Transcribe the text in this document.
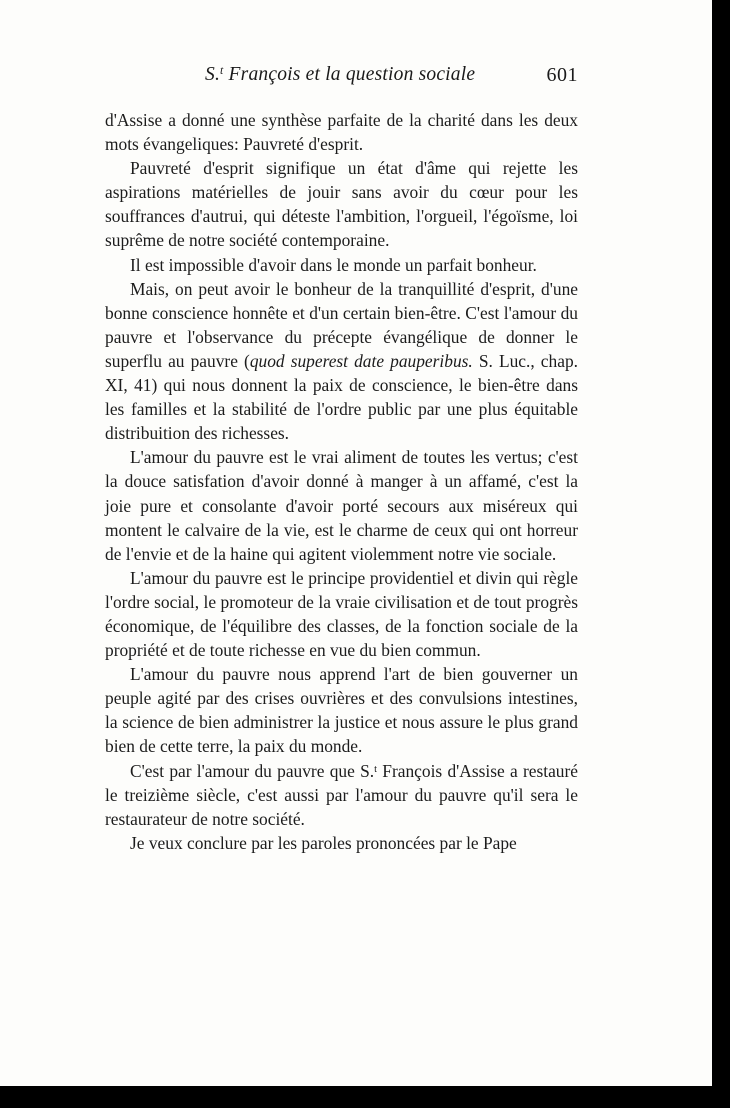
S.$^t$ François et la question sociale	601

d'Assise a donné une synthèse parfaite de la charité dans les deux mots évangeliques: Pauvreté d'esprit.

Pauvreté d'esprit signifique un état d'âme qui rejette les aspirations matérielles de jouir sans avoir du cœur pour les souffrances d'autrui, qui déteste l'ambition, l'orgueil, l'égoïsme, loi suprême de notre société contemporaine.

Il est impossible d'avoir dans le monde un parfait bonheur.

Mais, on peut avoir le bonheur de la tranquillité d'esprit, d'une bonne conscience honnête et d'un certain bien-être. C'est l'amour du pauvre et l'observance du précepte évangélique de donner le superflu au pauvre (quod superest date pauperibus. S. Luc., chap. XI, 41) qui nous donnent la paix de conscience, le bien-être dans les familles et la stabilité de l'ordre public par une plus équitable distribuition des richesses.

L'amour du pauvre est le vrai aliment de toutes les vertus; c'est la douce satisfation d'avoir donné à manger à un affamé, c'est la joie pure et consolante d'avoir porté secours aux miséreux qui montent le calvaire de la vie, est le charme de ceux qui ont horreur de l'envie et de la haine qui agitent violemment notre vie sociale.

L'amour du pauvre est le principe providentiel et divin qui règle l'ordre social, le promoteur de la vraie civilisation et de tout progrès économique, de l'équilibre des classes, de la fonction sociale de la propriété et de toute richesse en vue du bien commun.

L'amour du pauvre nous apprend l'art de bien gouverner un peuple agité par des crises ouvrières et des convulsions intestines, la science de bien administrer la justice et nous assure le plus grand bien de cette terre, la paix du monde.

C'est par l'amour du pauvre que S.$^t$ François d'Assise a restauré le treizième siècle, c'est aussi par l'amour du pauvre qu'il sera le restaurateur de notre société.

Je veux conclure par les paroles prononcées par le Pape
